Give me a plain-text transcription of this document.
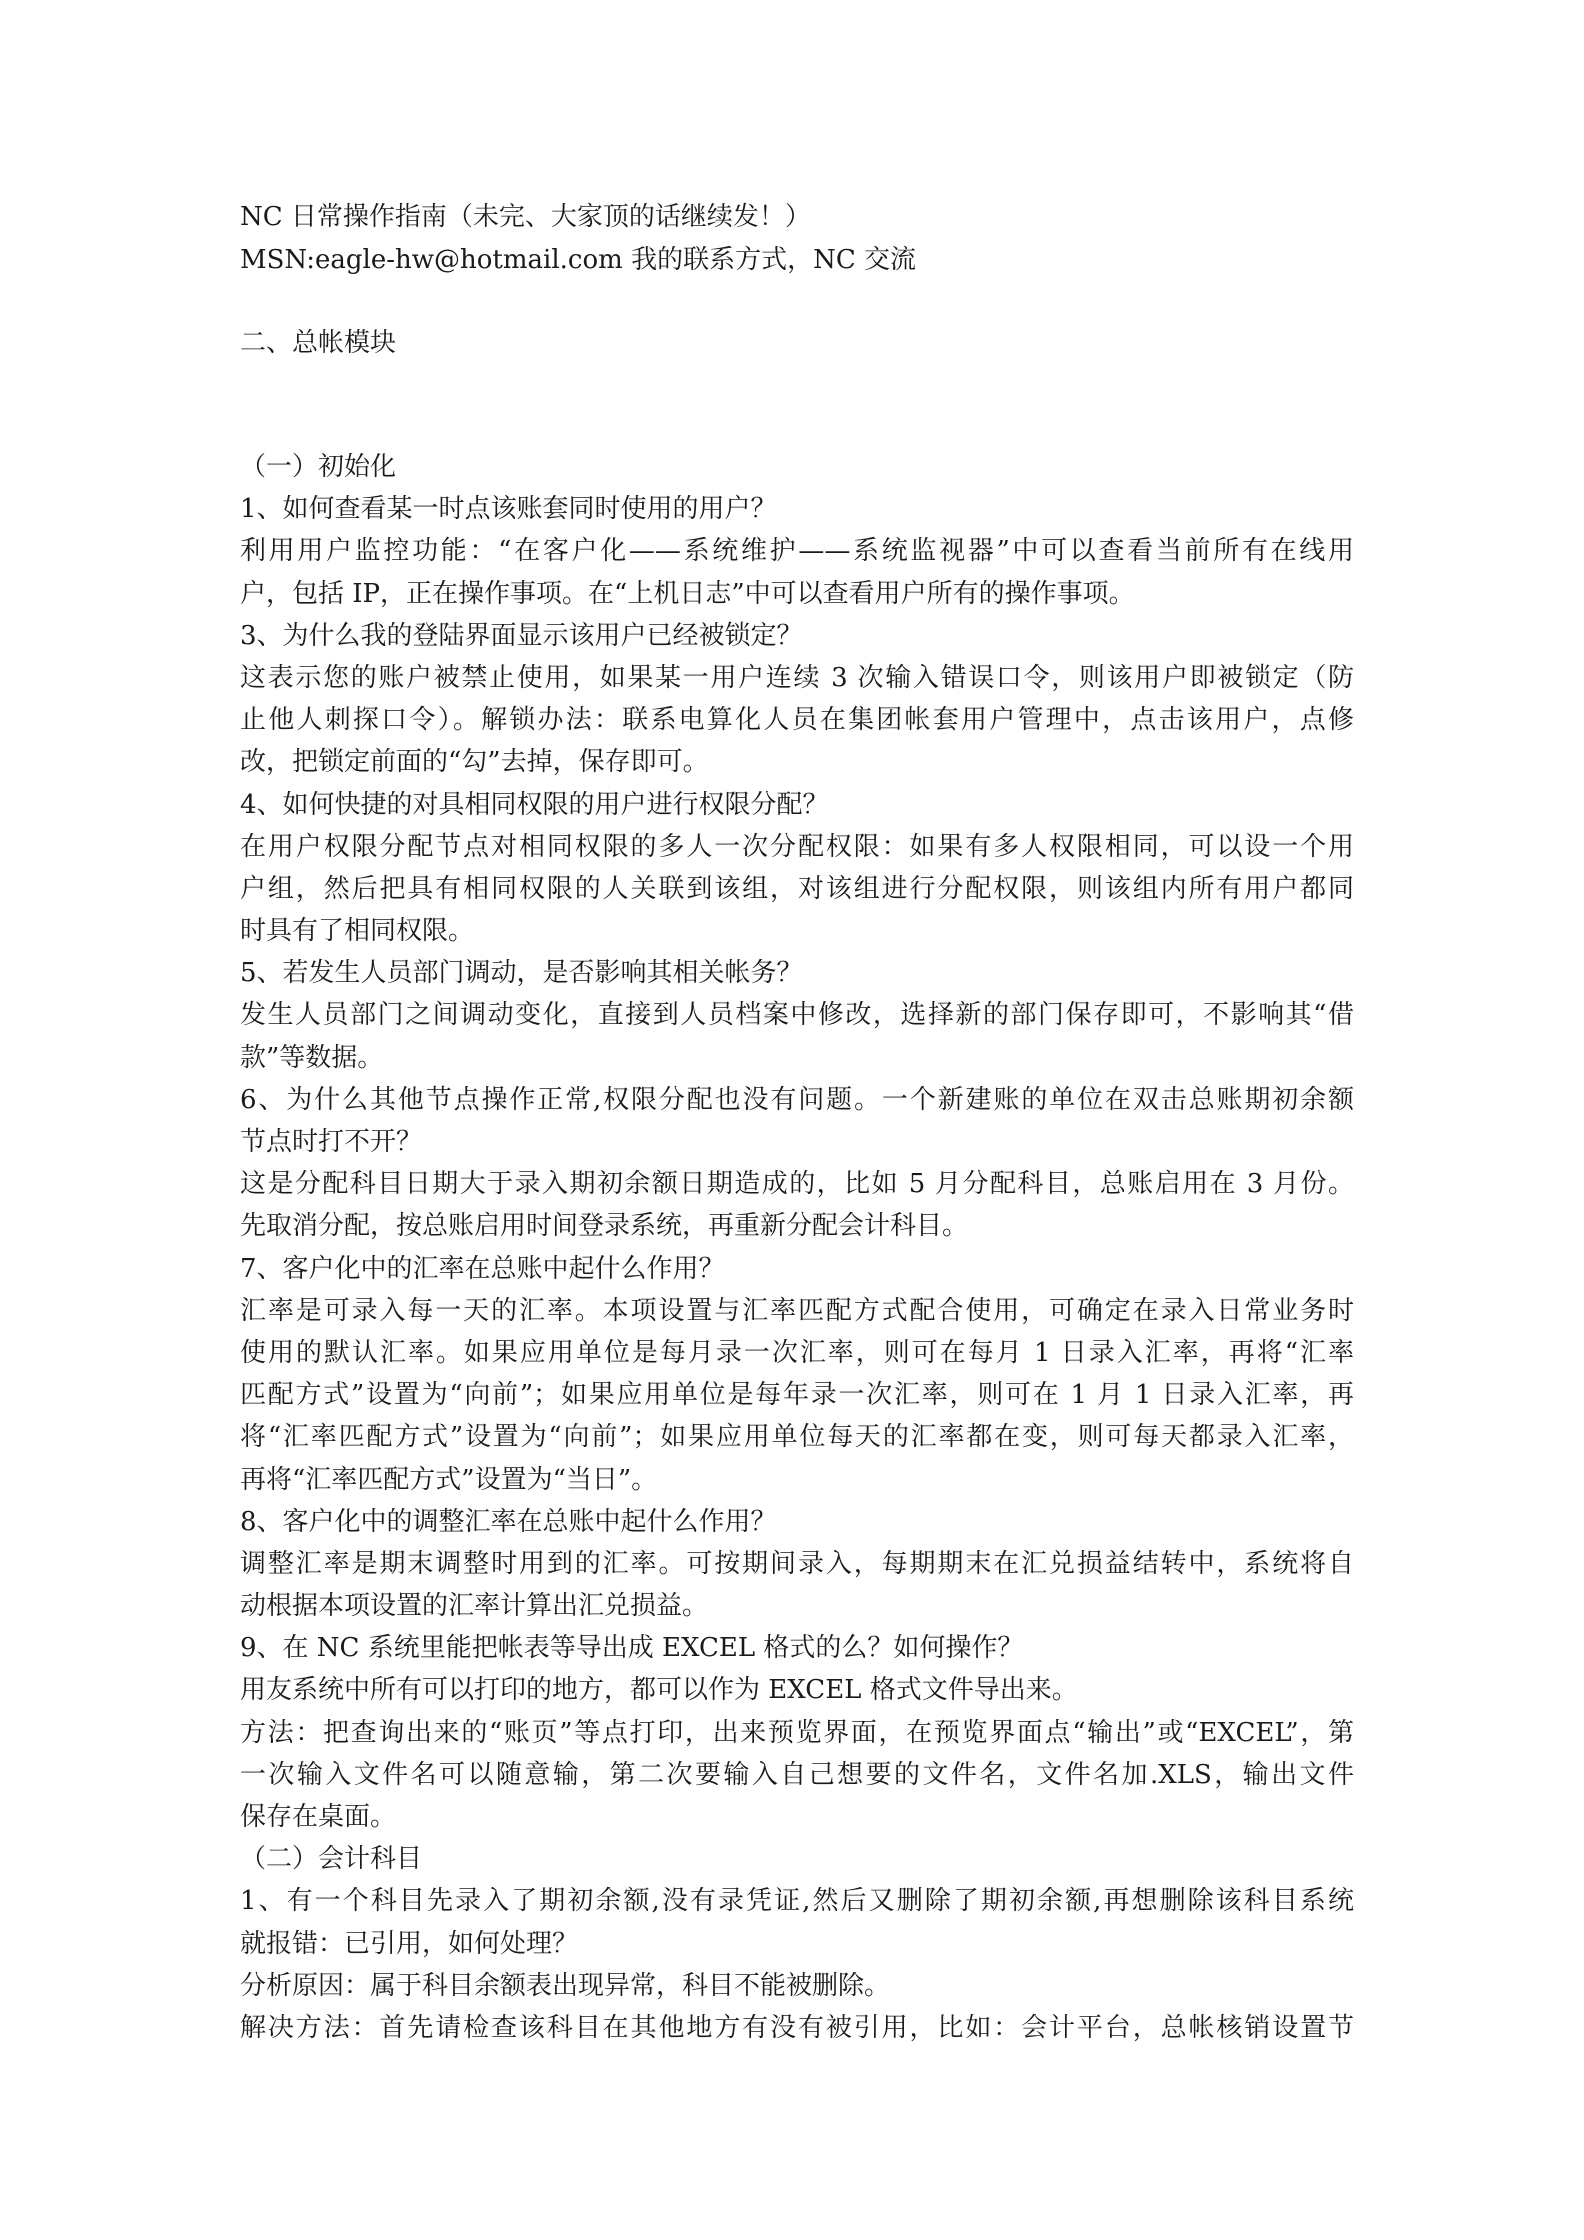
NC 日常操作指南（未完、大家顶的话继续发！）
MSN:eagle-hw@hotmail.com 我的联系方式，NC 交流
二、总帐模块
（一）初始化
1、如何查看某一时点该账套同时使用的用户？
利用用户监控功能：“在客户化——系统维护——系统监视器”中可以查看当前所有在线用
户，包括 IP，正在操作事项。在“上机日志”中可以查看用户所有的操作事项。
3、为什么我的登陆界面显示该用户已经被锁定？
这表示您的账户被禁止使用，如果某一用户连续 3 次输入错误口令，则该用户即被锁定（防
止他人刺探口令）。解锁办法：联系电算化人员在集团帐套用户管理中，点击该用户，点修
改，把锁定前面的“勾”去掉，保存即可。
4、如何快捷的对具相同权限的用户进行权限分配？
在用户权限分配节点对相同权限的多人一次分配权限：如果有多人权限相同，可以设一个用
户组，然后把具有相同权限的人关联到该组，对该组进行分配权限，则该组内所有用户都同
时具有了相同权限。
5、若发生人员部门调动，是否影响其相关帐务？
发生人员部门之间调动变化，直接到人员档案中修改，选择新的部门保存即可，不影响其“借
款”等数据。
6、为什么其他节点操作正常,权限分配也没有问题。一个新建账的单位在双击总账期初余额
节点时打不开？
这是分配科目日期大于录入期初余额日期造成的，比如 5 月分配科目，总账启用在 3 月份。
先取消分配，按总账启用时间登录系统，再重新分配会计科目。
7、客户化中的汇率在总账中起什么作用？
汇率是可录入每一天的汇率。本项设置与汇率匹配方式配合使用，可确定在录入日常业务时
使用的默认汇率。如果应用单位是每月录一次汇率，则可在每月 1 日录入汇率，再将“汇率
匹配方式”设置为“向前”；如果应用单位是每年录一次汇率，则可在 1 月 1 日录入汇率，再
将“汇率匹配方式”设置为“向前”；如果应用单位每天的汇率都在变，则可每天都录入汇率，
再将“汇率匹配方式”设置为“当日”。
8、客户化中的调整汇率在总账中起什么作用？
调整汇率是期末调整时用到的汇率。可按期间录入，每期期末在汇兑损益结转中，系统将自
动根据本项设置的汇率计算出汇兑损益。
9、在 NC 系统里能把帐表等导出成 EXCEL 格式的么？如何操作？
用友系统中所有可以打印的地方，都可以作为 EXCEL 格式文件导出来。
方法：把查询出来的“账页”等点打印，出来预览界面，在预览界面点“输出”或“EXCEL”，第
一次输入文件名可以随意输，第二次要输入自己想要的文件名，文件名加.XLS，输出文件
保存在桌面。
（二）会计科目
1、有一个科目先录入了期初余额,没有录凭证,然后又删除了期初余额,再想删除该科目系统
就报错：已引用，如何处理？
分析原因：属于科目余额表出现异常，科目不能被删除。
解决方法：首先请检查该科目在其他地方有没有被引用，比如：会计平台，总帐核销设置节
